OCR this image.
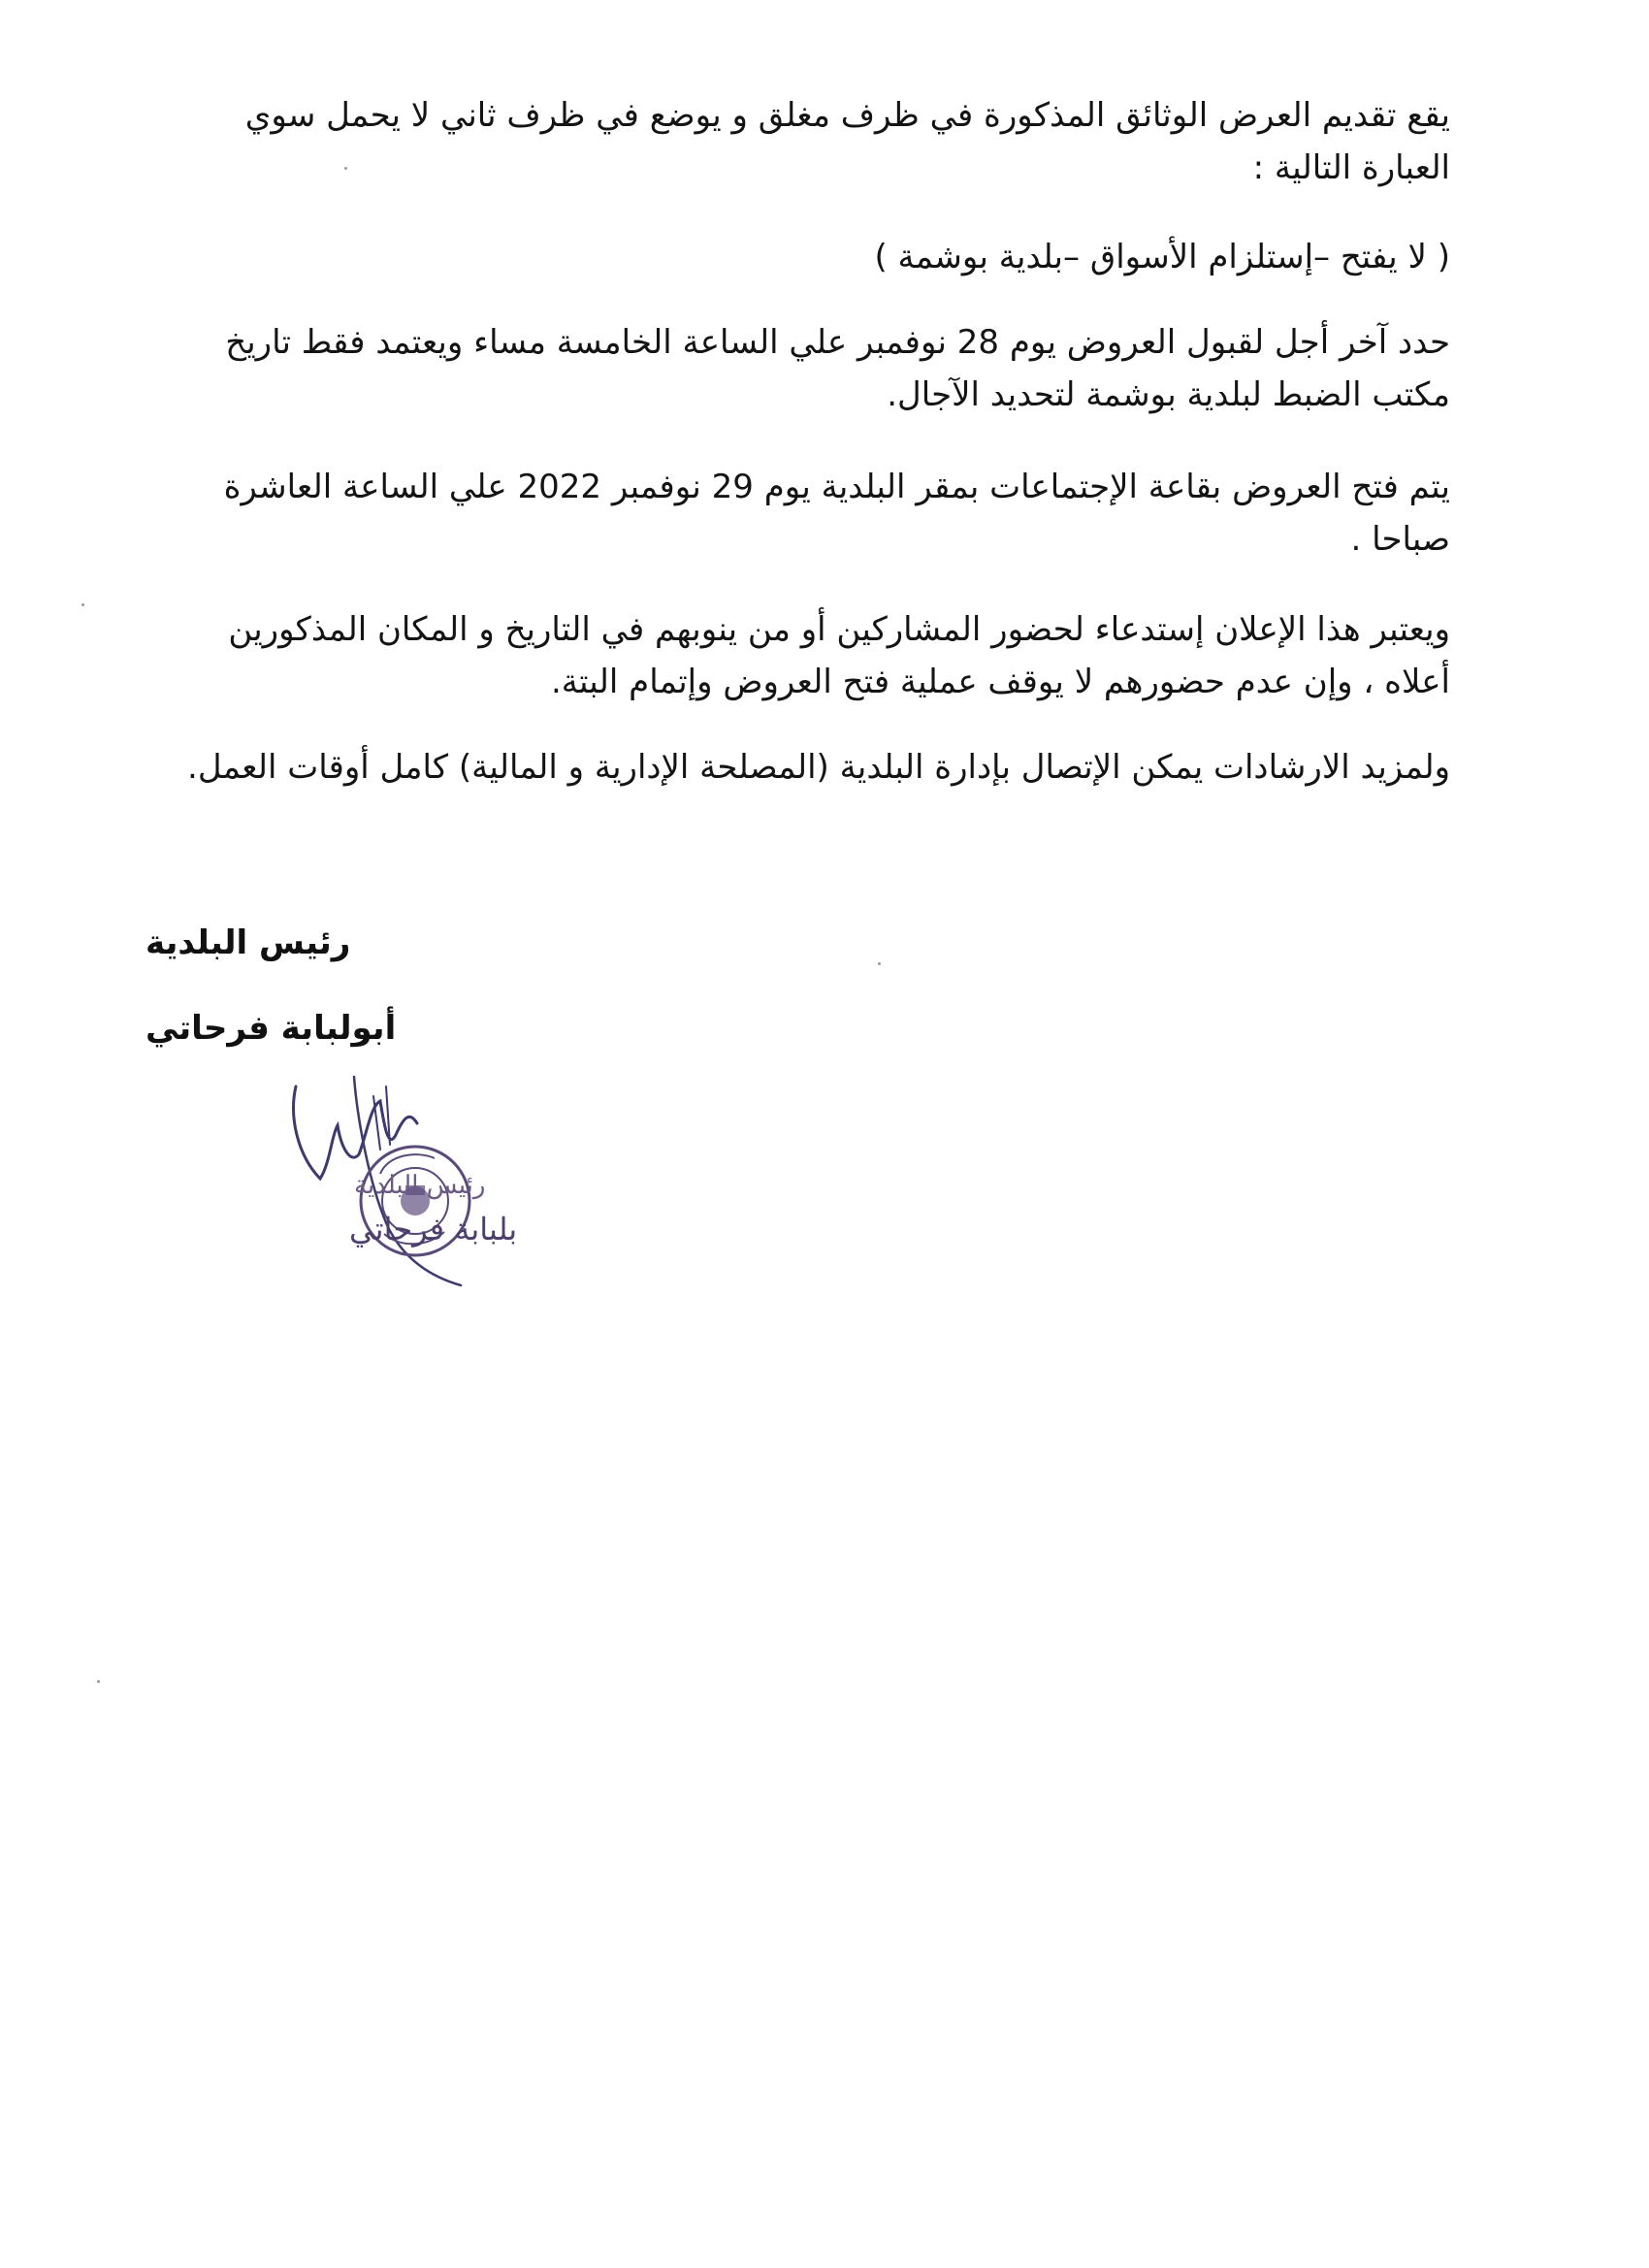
يقع تقديم العرض الوثائق المذكورة في ظرف مغلق و يوضع في ظرف ثاني لا يحمل سوي
العبارة التالية :
( لا يفتح –إستلزام الأسواق –بلدية بوشمة )
حدد آخر أجل لقبول العروض يوم 28 نوفمبر علي الساعة الخامسة مساء ويعتمد فقط تاريخ
مكتب الضبط لبلدية بوشمة لتحديد الآجال.
يتم فتح العروض بقاعة الإجتماعات بمقر البلدية يوم 29 نوفمبر 2022 علي الساعة العاشرة
صباحا .
ويعتبر هذا الإعلان إستدعاء لحضور المشاركين أو من ينوبهم في التاريخ و المكان المذكورين
أعلاه ، وإن عدم حضورهم لا يوقف عملية فتح العروض وإتمام البتة.
ولمزيد الارشادات يمكن الإتصال بإدارة البلدية (المصلحة الإدارية و المالية) كامل أوقات العمل.
رئيس البلدية
أبولبابة فرحاتي
رئيس البلدية
بلبابة فرحاتي
